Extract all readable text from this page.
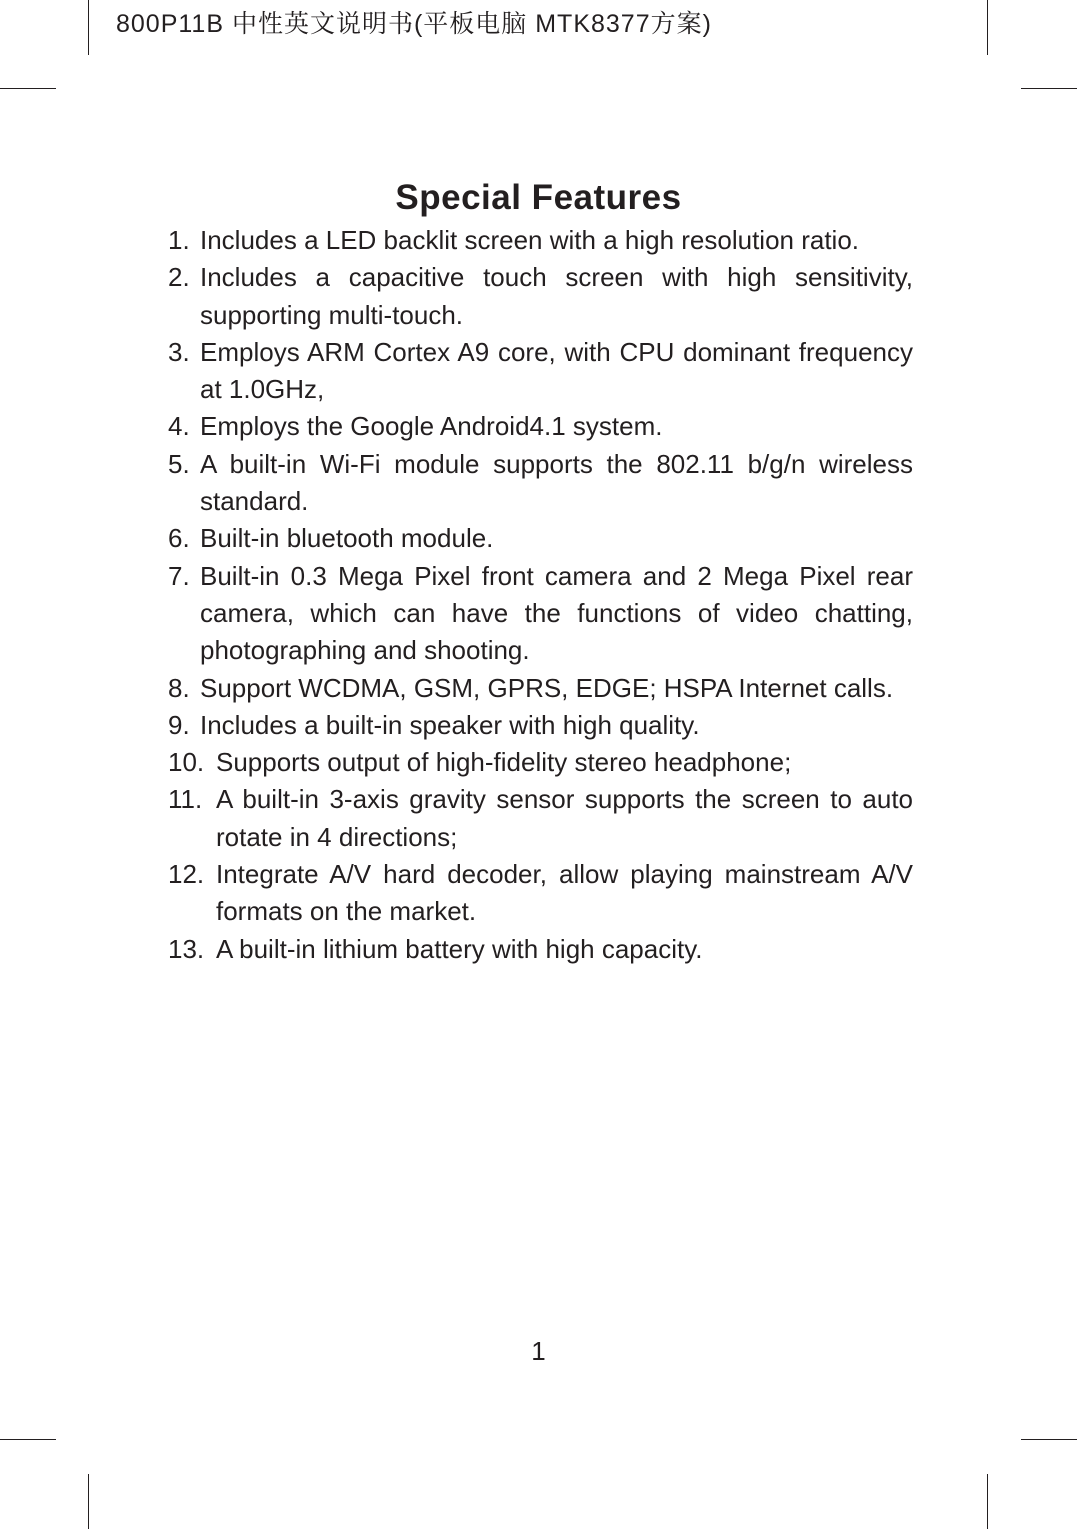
800P11B 中性英文说明书(平板电脑 MTK8377方案)
Special Features
1. Includes a LED backlit screen with a high resolution ratio.
2. Includes a capacitive touch screen with high sensitivity, supporting multi-touch.
3. Employs ARM Cortex A9 core, with CPU dominant frequency at 1.0GHz,
4. Employs the Google Android4.1 system.
5. A built-in Wi-Fi module supports the 802.11 b/g/n wireless standard.
6. Built-in bluetooth module.
7. Built-in 0.3 Mega Pixel front camera and 2 Mega Pixel rear camera, which can have the functions of video chatting, photographing and shooting.
8. Support WCDMA, GSM, GPRS, EDGE; HSPA Internet calls.
9. Includes a built-in speaker with high quality.
10. Supports output of high-fidelity stereo headphone;
11. A built-in 3-axis gravity sensor supports the screen to auto rotate in 4 directions;
12. Integrate A/V hard decoder, allow playing mainstream A/V formats on the market.
13. A built-in lithium battery with high capacity.
1
